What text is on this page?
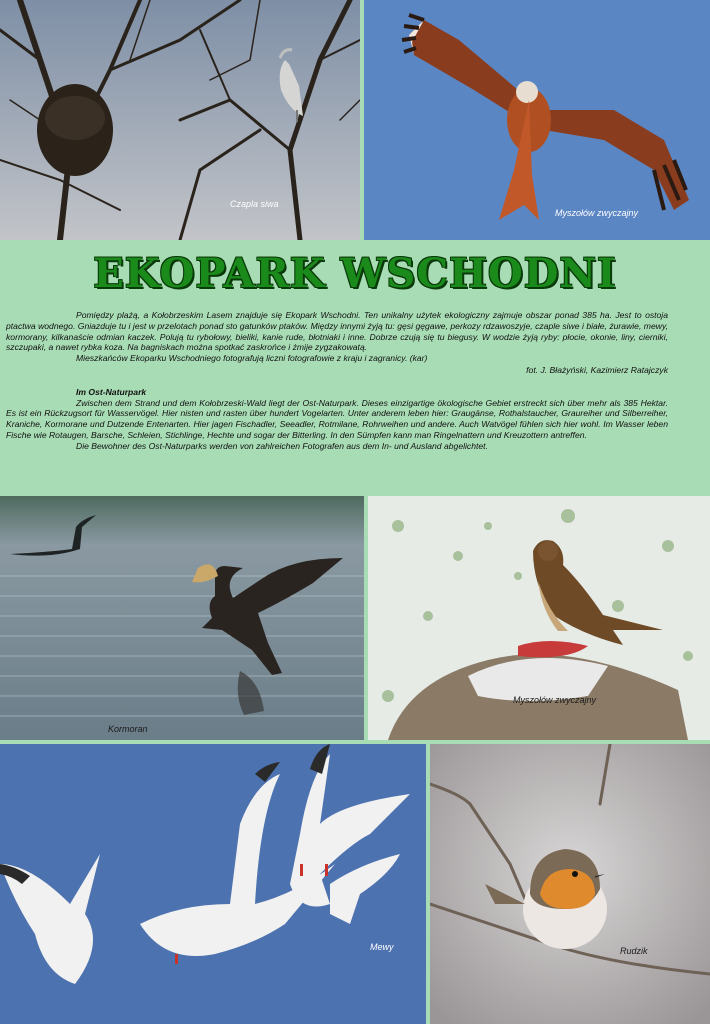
Czapla siwa
Myszołów zwyczajny
EKOPARK WSCHODNI

Pomiędzy plażą, a Kołobrzeskim Lasem znajduje się Ekopark Wschodni. Ten unikalny użytek ekologiczny zajmuje obszar ponad 385 ha. Jest to ostoja ptactwa wodnego. Gniazduje tu i jest w przelotach ponad sto gatunków ptaków. Między innymi żyją tu: gęsi gęgawe, perkozy rdzawoszyje, czaple siwe i białe, żurawie, mewy, kormorany, kilkanaście odmian kaczek. Polują tu rybołowy, bieliki, kanie rude, błotniaki i inne. Dobrze czują się tu biegusy. W wodzie żyją ryby: płocie, okonie, liny, cierniki, szczupaki, a nawet rybka koza. Na bagniskach można spotkać zaskrońce i żmije zygzakowatą.

Mieszkańców Ekoparku Wschodniego fotografują liczni fotografowie z kraju i zagranicy. (kar)

fot. J. Błażyński, Kazimierz Ratajczyk

Im Ost-Naturpark

Zwischen dem Strand und dem Kołobrzeski-Wald liegt der Ost-Naturpark. Dieses einzigartige ökologische Gebiet erstreckt sich über mehr als 385 Hektar. Es ist ein Rückzugsort für Wasservögel. Hier nisten und rasten über hundert Vogelarten. Unter anderem leben hier: Graugänse, Rothalstaucher, Graureiher und Silberreiher, Kraniche, Kormorane und Dutzende Entenarten. Hier jagen Fischadler, Seeadler, Rotmilane, Rohrweihen und andere. Auch Watvögel fühlen sich hier wohl. Im Wasser leben Fische wie Rotaugen, Barsche, Schleien, Stichlinge, Hechte und sogar der Bitterling. In den Sümpfen kann man Ringelnattern und Kreuzottern antreffen.

Die Bewohner des Ost-Naturparks werden von zahlreichen Fotografen aus dem In- und Ausland abgelichtet.

Kormoran
Myszołów zwyczajny
Mewy	Rudzik
